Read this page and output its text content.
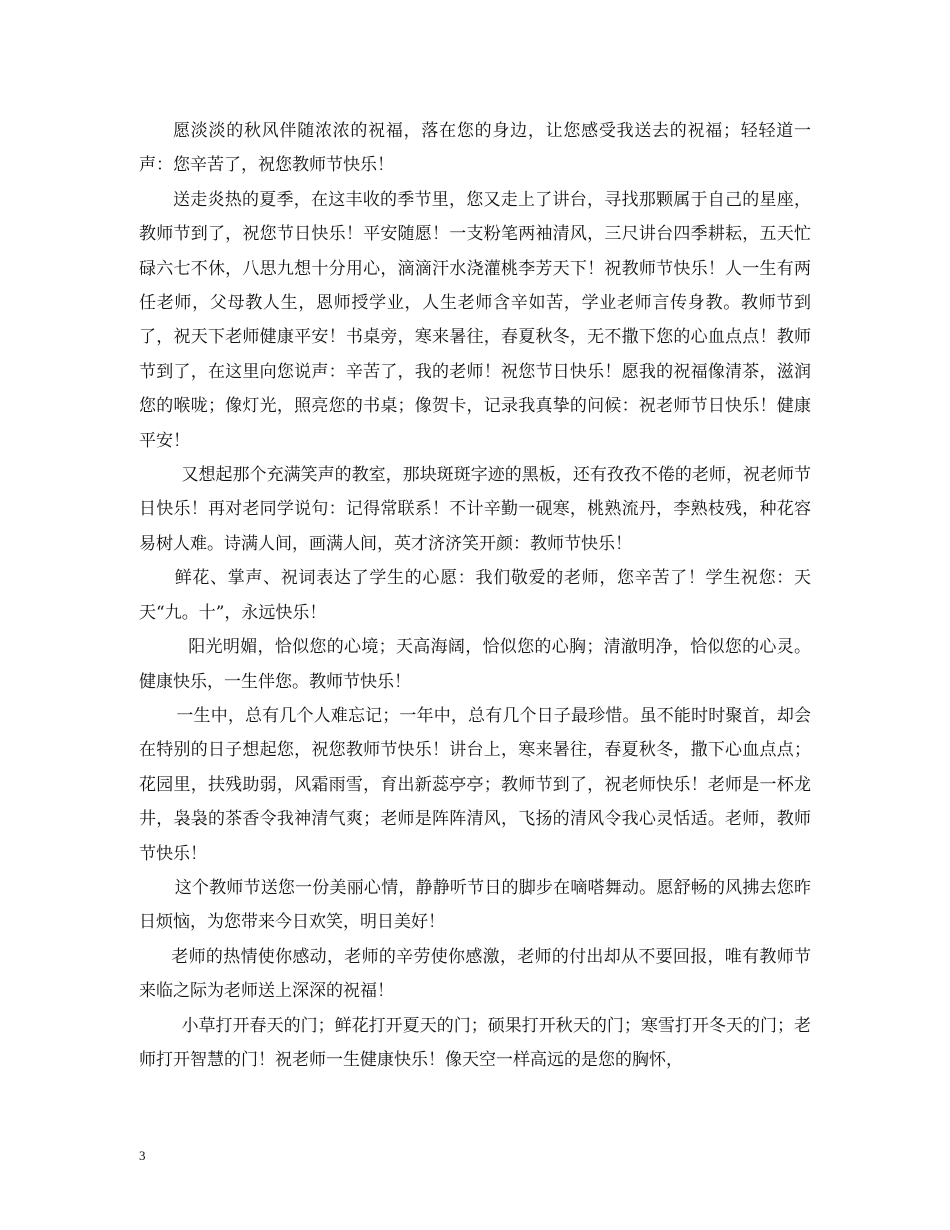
愿淡淡的秋风伴随浓浓的祝福，落在您的身边，让您感受我送去的祝福；轻轻道一声：您辛苦了，祝您教师节快乐！

送走炎热的夏季，在这丰收的季节里，您又走上了讲台，寻找那颗属于自己的星座，教师节到了，祝您节日快乐！平安随愿！一支粉笔两袖清风，三尺讲台四季耕耘，五天忙碌六七不休，八思九想十分用心，滴滴汗水浇灌桃李芳天下！祝教师节快乐！人一生有两任老师，父母教人生，恩师授学业，人生老师含辛如苦，学业老师言传身教。教师节到了，祝天下老师健康平安！书桌旁，寒来暑往，春夏秋冬，无不撒下您的心血点点！教师节到了，在这里向您说声：辛苦了，我的老师！祝您节日快乐！愿我的祝福像清茶，滋润您的喉咙；像灯光，照亮您的书桌；像贺卡，记录我真挚的问候：祝老师节日快乐！健康平安！

又想起那个充满笑声的教室，那块斑斑字迹的黑板，还有孜孜不倦的老师，祝老师节日快乐！再对老同学说句：记得常联系！不计辛勤一砚寒，桃熟流丹，李熟枝残，种花容易树人难。诗满人间，画满人间，英才济济笑开颜：教师节快乐！

鲜花、掌声、祝词表达了学生的心愿：我们敬爱的老师，您辛苦了！学生祝您：天天“九。十”，永远快乐！

阳光明媚，恰似您的心境；天高海阔，恰似您的心胸；清澈明净，恰似您的心灵。健康快乐，一生伴您。教师节快乐！

一生中，总有几个人难忘记；一年中，总有几个日子最珍惜。虽不能时时聚首，却会在特别的日子想起您，祝您教师节快乐！讲台上，寒来暑往，春夏秋冬，撒下心血点点；花园里，扶残助弱，风霜雨雪，育出新蕊亭亭；教师节到了，祝老师快乐！老师是一杯龙井，袅袅的茶香令我神清气爽；老师是阵阵清风，飞扬的清风令我心灵恬适。老师，教师节快乐！

这个教师节送您一份美丽心情，静静听节日的脚步在嘀嗒舞动。愿舒畅的风拂去您昨日烦恼，为您带来今日欢笑，明日美好！

老师的热情使你感动，老师的辛劳使你感激，老师的付出却从不要回报，唯有教师节来临之际为老师送上深深的祝福！

小草打开春天的门；鲜花打开夏天的门；硕果打开秋天的门；寒雪打开冬天的门；老师打开智慧的门！祝老师一生健康快乐！像天空一样高远的是您的胸怀，

3
